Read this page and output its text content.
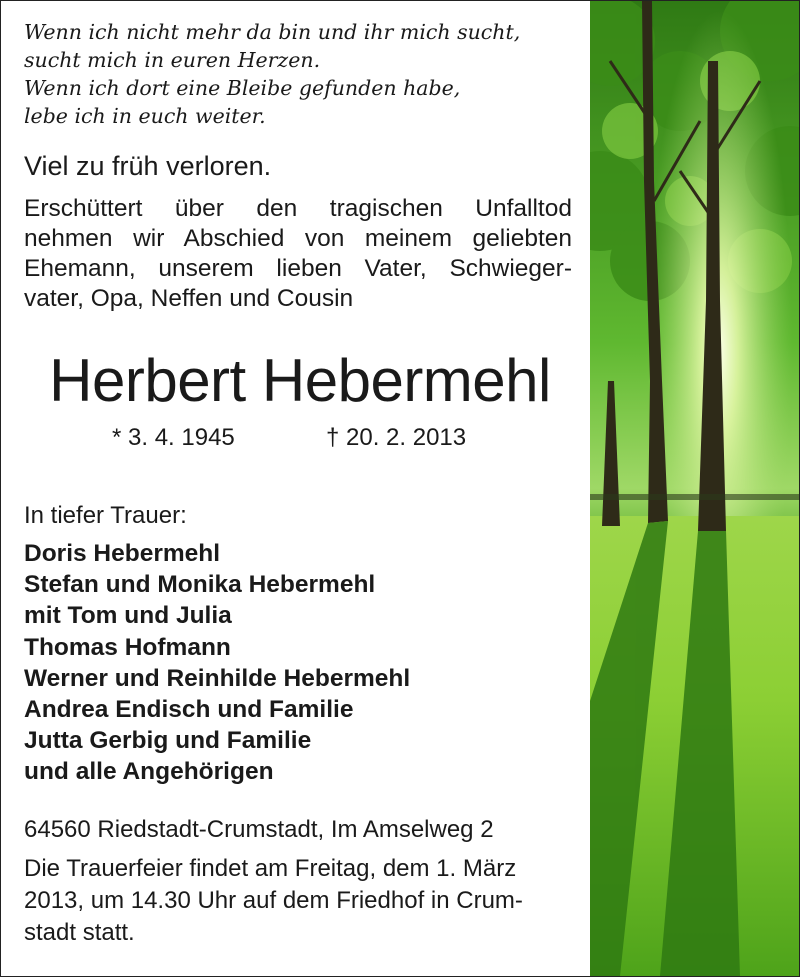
Wenn ich nicht mehr da bin und ihr mich sucht,
sucht mich in euren Herzen.
Wenn ich dort eine Bleibe gefunden habe,
lebe ich in euch weiter.
Viel zu früh verloren.
Erschüttert über den tragischen Unfalltod
nehmen wir Abschied von meinem geliebten
Ehemann, unserem lieben Vater, Schwieger-
vater, Opa, Neffen und Cousin
Herbert Hebermehl
* 3. 4. 1945	† 20. 2. 2013
In tiefer Trauer:
Doris Hebermehl
Stefan und Monika Hebermehl
mit Tom und Julia
Thomas Hofmann
Werner und Reinhilde Hebermehl
Andrea Endisch und Familie
Jutta Gerbig und Familie
und alle Angehörigen
64560 Riedstadt-Crumstadt, Im Amselweg 2
Die Trauerfeier findet am Freitag, dem 1. März
2013, um 14.30 Uhr auf dem Friedhof in Crum-
stadt statt.
